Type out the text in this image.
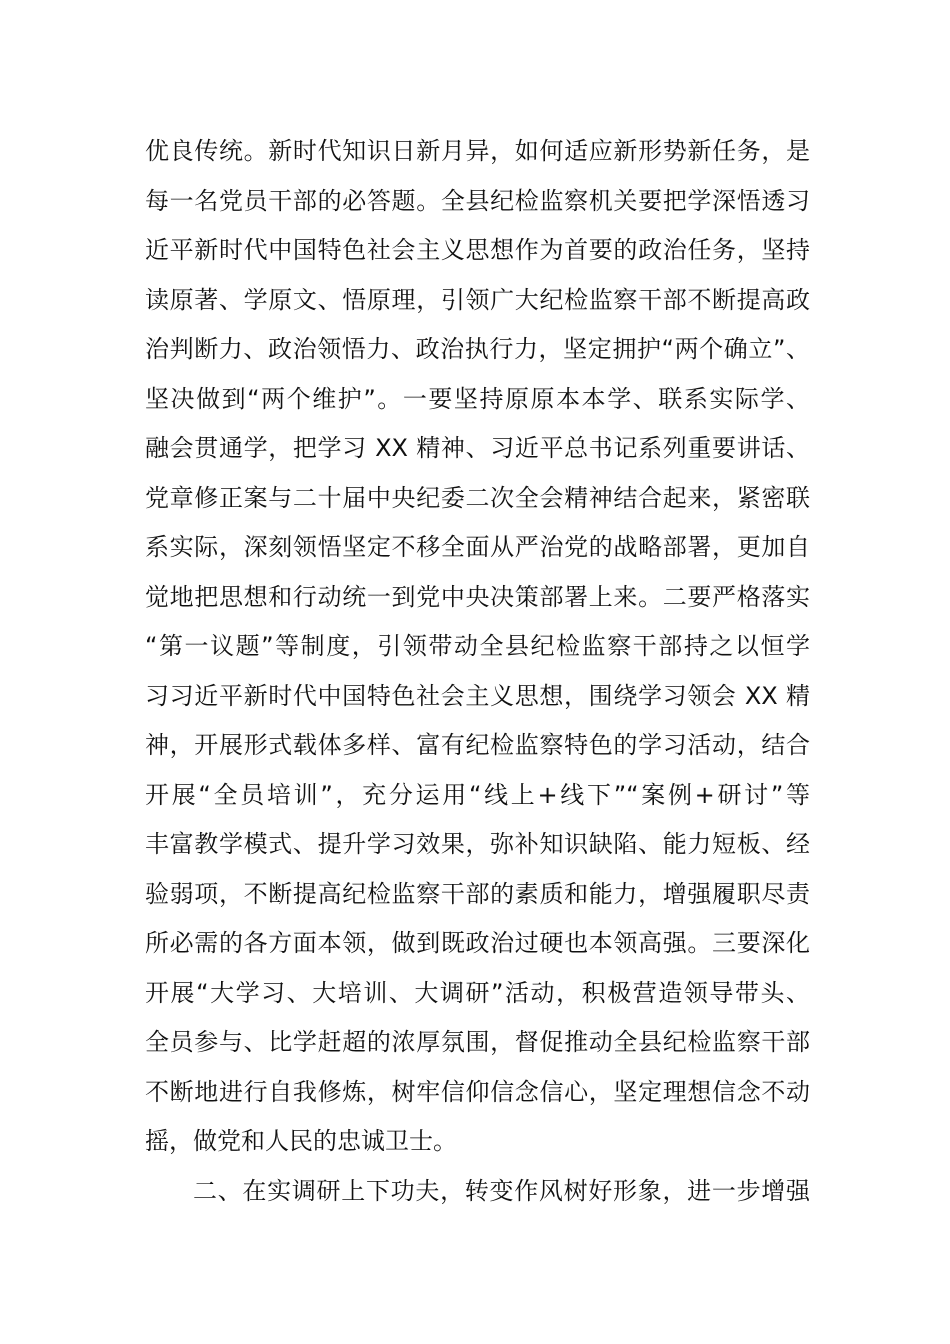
优良传统。新时代知识日新月异，如何适应新形势新任务，是
每一名党员干部的必答题。全县纪检监察机关要把学深悟透习
近平新时代中国特色社会主义思想作为首要的政治任务，坚持
读原著、学原文、悟原理，引领广大纪检监察干部不断提高政
治判断力、政治领悟力、政治执行力，坚定拥护“两个确立”、
坚决做到“两个维护”。一要坚持原原本本学、联系实际学、
融会贯通学，把学习 XX 精神、习近平总书记系列重要讲话、
党章修正案与二十届中央纪委二次全会精神结合起来，紧密联
系实际，深刻领悟坚定不移全面从严治党的战略部署，更加自
觉地把思想和行动统一到党中央决策部署上来。二要严格落实
“第一议题”等制度，引领带动全县纪检监察干部持之以恒学
习习近平新时代中国特色社会主义思想，围绕学习领会 XX 精
神，开展形式载体多样、富有纪检监察特色的学习活动，结合
开展“全员培训”，充分运用“线上+线下”“案例+研讨”等
丰富教学模式、提升学习效果，弥补知识缺陷、能力短板、经
验弱项，不断提高纪检监察干部的素质和能力，增强履职尽责
所必需的各方面本领，做到既政治过硬也本领高强。三要深化
开展“大学习、大培训、大调研”活动，积极营造领导带头、
全员参与、比学赶超的浓厚氛围，督促推动全县纪检监察干部
不断地进行自我修炼，树牢信仰信念信心，坚定理想信念不动
摇，做党和人民的忠诚卫士。
二、在实调研上下功夫，转变作风树好形象，进一步增强
